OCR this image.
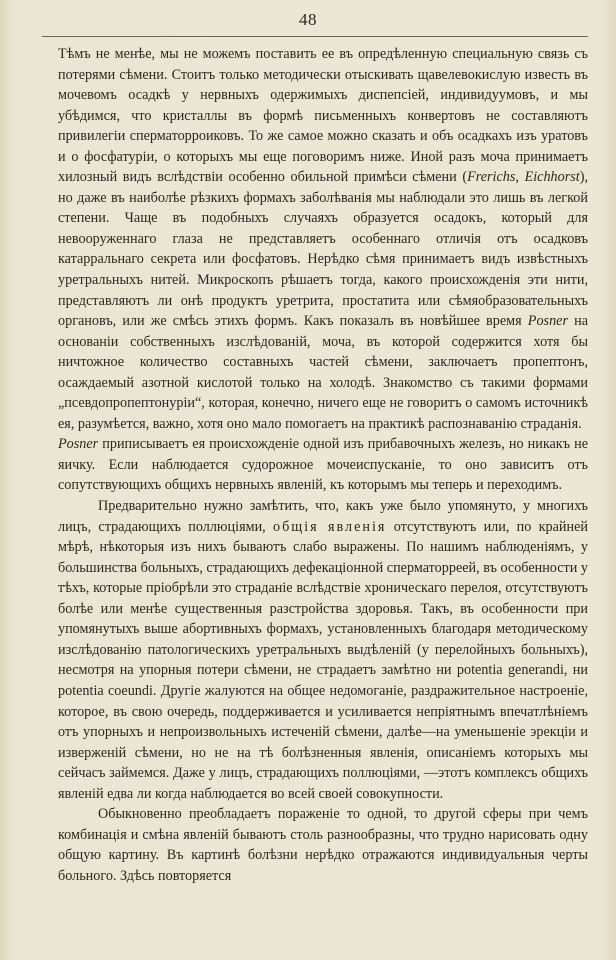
48

Тѣмъ не менѣе, мы не можемъ поставить ее въ опредѣленную специальную связь съ потерями сѣмени. Стоитъ только методически отыскивать щавелевокислую известь въ мочевомъ осадкѣ у нервныхъ одержимыхъ диспепсiей, индивидуумовъ, и мы убѣдимся, что кристаллы въ формѣ письменныхъ конвертовъ не составляютъ привилегiи сперматорроиковъ. То же самое можно сказать и объ осадкахъ изъ уратовъ и о фосфатурiи, о которыхъ мы еще поговоримъ ниже. Иной разъ моча принимаетъ хилозный видъ вслѣдствiи особенно обильной примѣси сѣмени (Frerichs, Eichhorst), но даже въ наиболѣе рѣзкихъ формахъ заболѣванiя мы наблюдали это лишь въ легкой степени. Чаще въ подобныхъ случаяхъ образуется осадокъ, который для невооруженнаго глаза не представляетъ особеннаго отличiя отъ осадковъ катарральнаго секрета или фосфатовъ. Нерѣдко сѣмя принимаетъ видъ извѣстныхъ уретральныхъ нитей. Микроскопъ рѣшаетъ тогда, какого происхожденiя эти нити, представляютъ ли онѣ продуктъ уретрита, простатита или сѣмяобразовательныхъ органовъ, или же смѣсь этихъ формъ. Какъ показалъ въ новѣйшее время Posner на основанiи собственныхъ изслѣдованiй, моча, въ которой содержится хотя бы ничтожное количество составныхъ частей сѣмени, заключаетъ пропептонъ, осаждаемый азотной кислотой только на холодѣ. Знакомство съ такими формами „псевдопропептонурiи“, которая, конечно, ничего еще не говоритъ о самомъ источникѣ ея, разумѣется, важно, хотя оно мало помогаетъ на практикѣ распознаванiю страданiя.

Posner приписываетъ ея происхожденiе одной изъ прибавочныхъ железъ, но никакъ не яичку. Если наблюдается судорожное мочеиспусканiе, то оно зависитъ отъ сопутствующихъ общихъ нервныхъ явленiй, къ которымъ мы теперь и переходимъ.

Предварительно нужно замѣтить, что, какъ уже было упомянуто, у многихъ лицъ, страдающихъ поллюцiями, общiя явленiя отсутствуютъ или, по крайней мѣрѣ, нѣкоторыя изъ нихъ бываютъ слабо выражены. По нашимъ наблюденiямъ, у большинства больныхъ, страдающихъ дефекацiонной сперматорреей, въ особенности у тѣхъ, которые прiобрѣли это страданiе вслѣдствiе хроническаго перелоя, отсутствуютъ болѣе или менѣе существенныя разстройства здоровья. Такъ, въ особенности при упомянутыхъ выше абортивныхъ формахъ, установленныхъ благодаря методическому изслѣдованiю патологическихъ уретральныхъ выдѣленiй (у перелойныхъ больныхъ), несмотря на упорныя потери сѣмени, не страдаетъ замѣтно ни potentia generandi, ни potentia coeundi. Другiе жалуются на общее недомоганiе, раздражительное настроенiе, которое, въ свою очередь, поддерживается и усиливается непрiятнымъ впечатлѣнiемъ отъ упорныхъ и непроизвольныхъ истеченiй сѣмени, далѣе—на уменьшенiе эрекцiи и изверженiй сѣмени, но не на тѣ болѣзненныя явленiя, описанiемъ которыхъ мы сейчасъ займемся. Даже у лицъ, страдающихъ поллюцiями, —этотъ комплексъ общихъ явленiй едва ли когда наблюдается во всей своей совокупности.

Обыкновенно преобладаетъ пораженiе то одной, то другой сферы при чемъ комбинацiя и смѣна явленiй бываютъ столь разнообразны, что трудно нарисовать одну общую картину. Въ картинѣ болѣзни нерѣдко отражаются индивидуальныя черты больного. Здѣсь повторяется
